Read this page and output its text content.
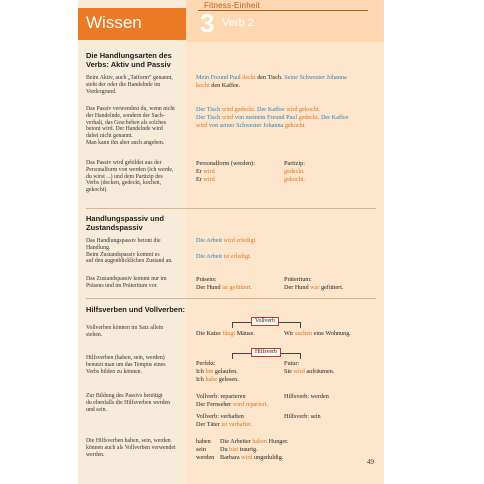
Wissen
Fitness-Einheit
3 Verb 2
Die Handlungsarten des
Verbs: Aktiv und Passiv
Beim Aktiv, auch „Tatform“ genannt,
steht der oder die Handelnde im
Vordergrund.
Mein Freund Paul deckt den Tisch. Seine Schwester Johanna
kocht den Kaffee.
Das Passiv verwendest du, wenn nicht
der Handelnde, sondern der Sach-
verhalt, das Geschehen als solches
betont wird. Der Handelnde wird
dabei nicht genannt.
Man kann ihn aber auch angeben.
Der Tisch wird gedeckt. Der Kaffee wird gekocht.
Der Tisch wird von meinem Freund Paul gedeckt. Der Kaffee
wird von seiner Schwester Johanna gekocht.
Das Passiv wird gebildet aus der
Personalform von werden (ich werde,
du wirst ...) und dem Partizip des
Verbs (decken, gedeckt, kochen,
gekocht).
Personalform (werden):
Er wird
Er wird
Partizip:
gedeckt.
gekocht.
Handlungspassiv und
Zustandspassiv
Das Handlungspassiv betont die
Handlung.
Beim Zustandspassiv kommt es
auf den augenblicklichen Zustand an.
Die Arbeit wird erledigt.
Die Arbeit ist erledigt.
Das Zustandspassiv kommt nur im
Präsens und im Präteritum vor.
Präsens:
Der Hund ist gefüttert.
Präteritum:
Der Hund war gefüttert.
Hilfsverben und Vollverben:
Vollverb
Vollverben können im Satz allein
stehen.	Die Katze fängt Mäuse.	Wir suchen eine Wohnung.
Hilfsverb
Hilfsverben (haben, sein, werden)
benutzt man um das Tempus eines
Verbs bilden zu können.
Perfekt:
Ich bin gelaufen.
Ich habe gelesen.
Futur:
Sie wird aufräumen.
Zur Bildung des Passivs benötigt
du ebenfalls die Hilfsverben werden
und sein.
Vollverb: reparieren
Der Fernseher wird repariert.
Hilfsverb: werden
Vollverb: verhaften
Der Täter ist verhaftet.
Hilfsverb: sein
Die Hilfsverben haben, sein, werden
können auch als Vollverben verwendet
werden.
haben
sein
werden
Die Arbeiter haben Hunger.
Du bist traurig.
Barbara wird ungeduldig.
49
